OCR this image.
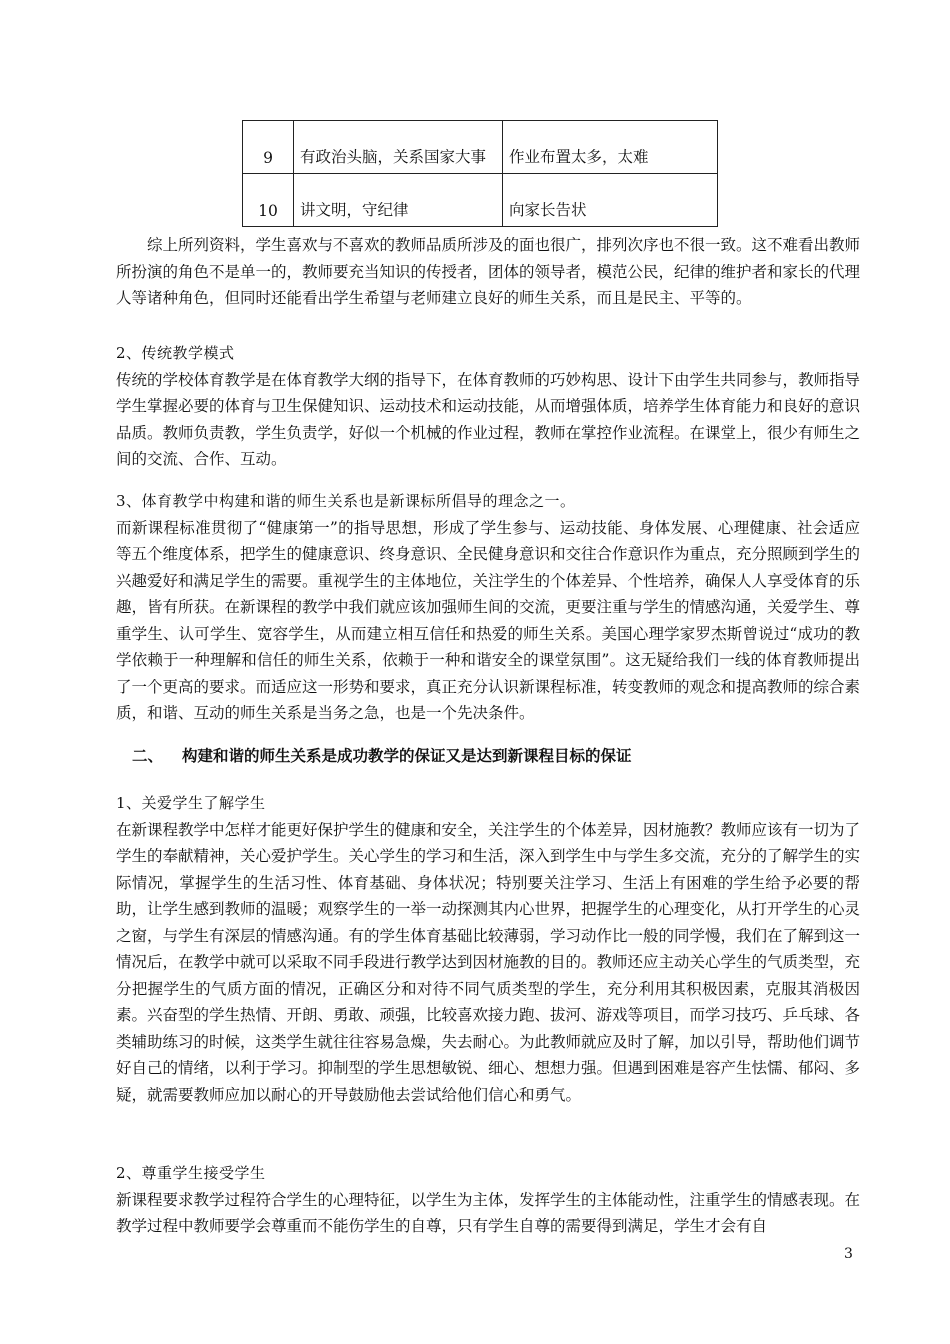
9	有政治头脑，关系国家大事	作业布置太多，太难
10	讲文明，守纪律	向家长告状

综上所列资料，学生喜欢与不喜欢的教师品质所涉及的面也很广，排列次序也不很一致。这不难看出教师所扮演的角色不是单一的，教师要充当知识的传授者，团体的领导者，模范公民，纪律的维护者和家长的代理人等诸种角色，但同时还能看出学生希望与老师建立良好的师生关系，而且是民主、平等的。

2、传统教学模式

传统的学校体育教学是在体育教学大纲的指导下，在体育教师的巧妙构思、设计下由学生共同参与，教师指导学生掌握必要的体育与卫生保健知识、运动技术和运动技能，从而增强体质，培养学生体育能力和良好的意识品质。教师负责教，学生负责学，好似一个机械的作业过程，教师在掌控作业流程。在课堂上，很少有师生之间的交流、合作、互动。

3、体育教学中构建和谐的师生关系也是新课标所倡导的理念之一。

而新课程标准贯彻了“健康第一”的指导思想，形成了学生参与、运动技能、身体发展、心理健康、社会适应等五个维度体系，把学生的健康意识、终身意识、全民健身意识和交往合作意识作为重点，充分照顾到学生的兴趣爱好和满足学生的需要。重视学生的主体地位，关注学生的个体差异、个性培养，确保人人享受体育的乐趣，皆有所获。在新课程的教学中我们就应该加强师生间的交流，更要注重与学生的情感沟通，关爱学生、尊重学生、认可学生、宽容学生，从而建立相互信任和热爱的师生关系。美国心理学家罗杰斯曾说过“成功的教学依赖于一种理解和信任的师生关系，依赖于一种和谐安全的课堂氛围”。这无疑给我们一线的体育教师提出了一个更高的要求。而适应这一形势和要求，真正充分认识新课程标准，转变教师的观念和提高教师的综合素质，和谐、互动的师生关系是当务之急，也是一个先决条件。

二、 构建和谐的师生关系是成功教学的保证又是达到新课程目标的保证

1、关爱学生了解学生

在新课程教学中怎样才能更好保护学生的健康和安全，关注学生的个体差异，因材施教？教师应该有一切为了学生的奉献精神，关心爱护学生。关心学生的学习和生活，深入到学生中与学生多交流，充分的了解学生的实际情况，掌握学生的生活习性、体育基础、身体状况；特别要关注学习、生活上有困难的学生给予必要的帮助，让学生感到教师的温暖；观察学生的一举一动探测其内心世界，把握学生的心理变化，从打开学生的心灵之窗，与学生有深层的情感沟通。有的学生体育基础比较薄弱，学习动作比一般的同学慢，我们在了解到这一情况后，在教学中就可以采取不同手段进行教学达到因材施教的目的。教师还应主动关心学生的气质类型，充分把握学生的气质方面的情况，正确区分和对待不同气质类型的学生，充分利用其积极因素，克服其消极因素。兴奋型的学生热情、开朗、勇敢、顽强，比较喜欢接力跑、拔河、游戏等项目，而学习技巧、乒乓球、各类辅助练习的时候，这类学生就往往容易急燥，失去耐心。为此教师就应及时了解，加以引导，帮助他们调节好自己的情绪，以利于学习。抑制型的学生思想敏锐、细心、想想力强。但遇到困难是容产生怯懦、郁闷、多疑，就需要教师应加以耐心的开导鼓励他去尝试给他们信心和勇气。

2、尊重学生接受学生

新课程要求教学过程符合学生的心理特征，以学生为主体，发挥学生的主体能动性，注重学生的情感表现。在教学过程中教师要学会尊重而不能伤学生的自尊，只有学生自尊的需要得到满足，学生才会有自

3
